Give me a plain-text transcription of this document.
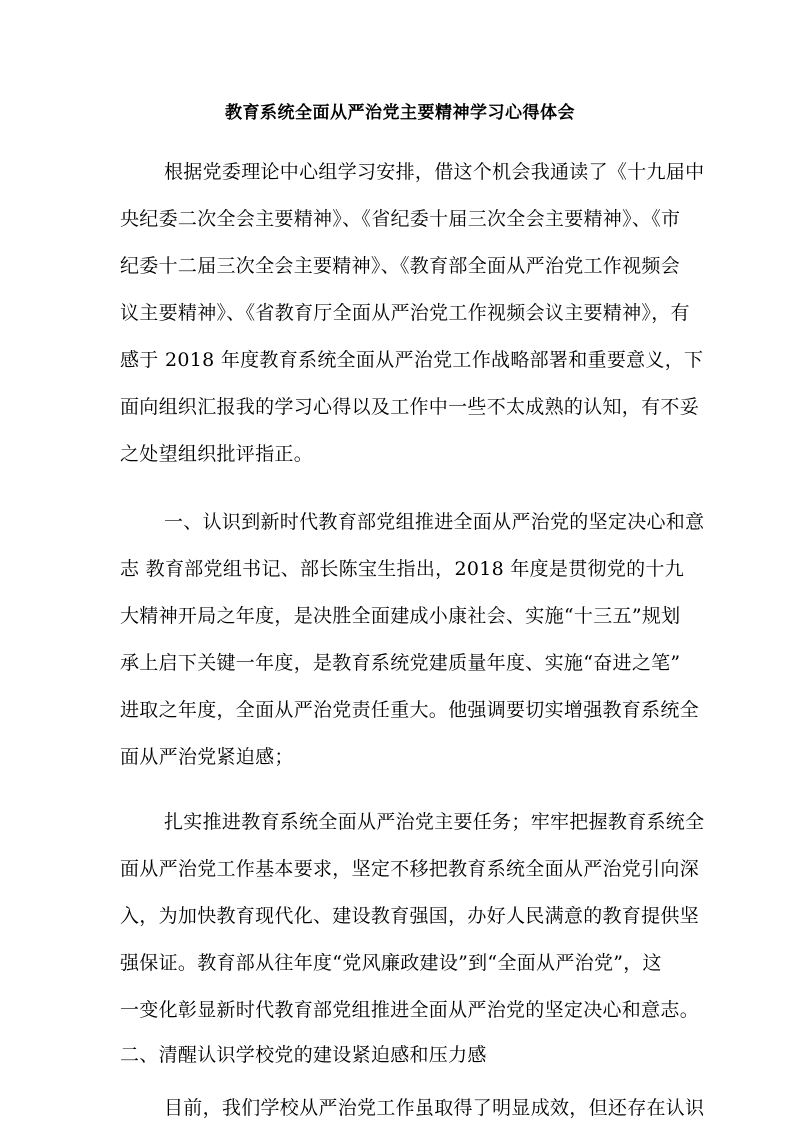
教育系统全面从严治党主要精神学习心得体会
根据党委理论中心组学习安排，借这个机会我通读了《十九届中
央纪委二次全会主要精神》、《省纪委十届三次全会主要精神》、《市
纪委十二届三次全会主要精神》、《教育部全面从严治党工作视频会
议主要精神》、《省教育厅全面从严治党工作视频会议主要精神》，有
感于 2018 年度教育系统全面从严治党工作战略部署和重要意义，下
面向组织汇报我的学习心得以及工作中一些不太成熟的认知，有不妥
之处望组织批评指正。
一、认识到新时代教育部党组推进全面从严治党的坚定决心和意
志 教育部党组书记、部长陈宝生指出，2018 年度是贯彻党的十九
大精神开局之年度，是决胜全面建成小康社会、实施“十三五”规划
承上启下关键一年度，是教育系统党建质量年度、实施“奋进之笔”
进取之年度，全面从严治党责任重大。他强调要切实增强教育系统全
面从严治党紧迫感；
扎实推进教育系统全面从严治党主要任务；牢牢把握教育系统全
面从严治党工作基本要求，坚定不移把教育系统全面从严治党引向深
入，为加快教育现代化、建设教育强国，办好人民满意的教育提供坚
强保证。教育部从往年度“党风廉政建设”到“全面从严治党”，这
一变化彰显新时代教育部党组推进全面从严治党的坚定决心和意志。
二、清醒认识学校党的建设紧迫感和压力感
目前，我们学校从严治党工作虽取得了明显成效，但还存在认识
